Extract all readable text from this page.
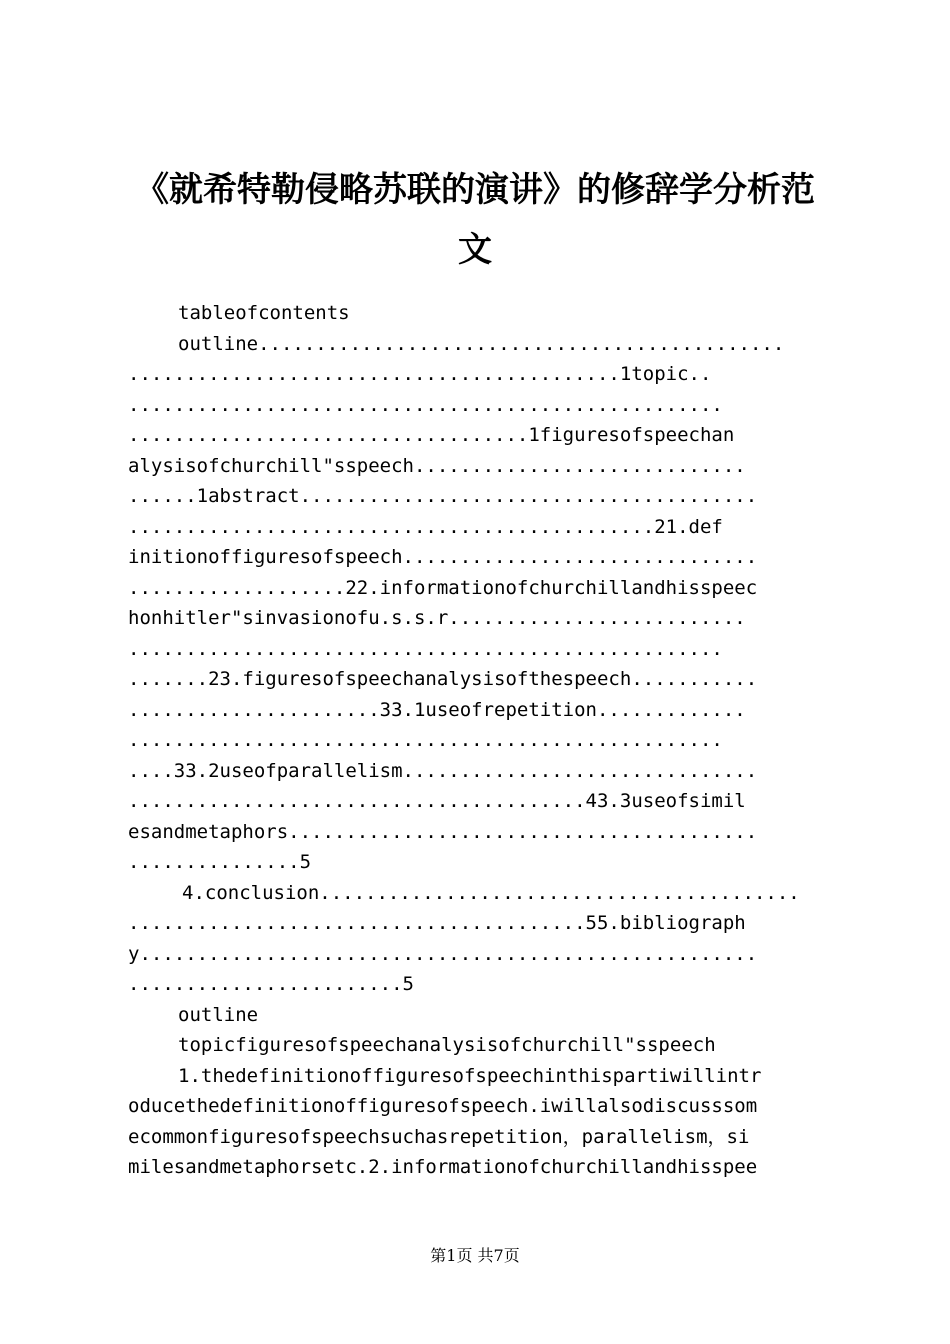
《就希特勒侵略苏联的演讲》的修辞学分析范
文
tableofcontents
outline..............................................
...........................................1topic..
....................................................
...................................1figuresofspeechan
alysisofchurchill"sspeech.............................
......1abstract........................................
..............................................21.def
initionoffiguresofspeech...............................
...................22.informationofchurchillandhisspeec
honhitler"sinvasionofu.s.s.r..........................
....................................................
.......23.figuresofspeechanalysisofthespeech...........
......................33.1useofrepetition.............
....................................................
....33.2useofparallelism...............................
........................................43.3useofsimil
esandmetaphors.........................................
...............5
4.conclusion..........................................
........................................55.bibliograph
y......................................................
........................5
outline
topicfiguresofspeechanalysisofchurchill"sspeech
1.thedefinitionoffiguresofspeechinthispartiwillintr
oducethedefinitionoffiguresofspeech.iwillalsodiscusssom
ecommonfiguresofspeechsuchasrepetition，parallelism，si
milesandmetaphorsetc.2.informationofchurchillandhisspee
第1页 共7页
